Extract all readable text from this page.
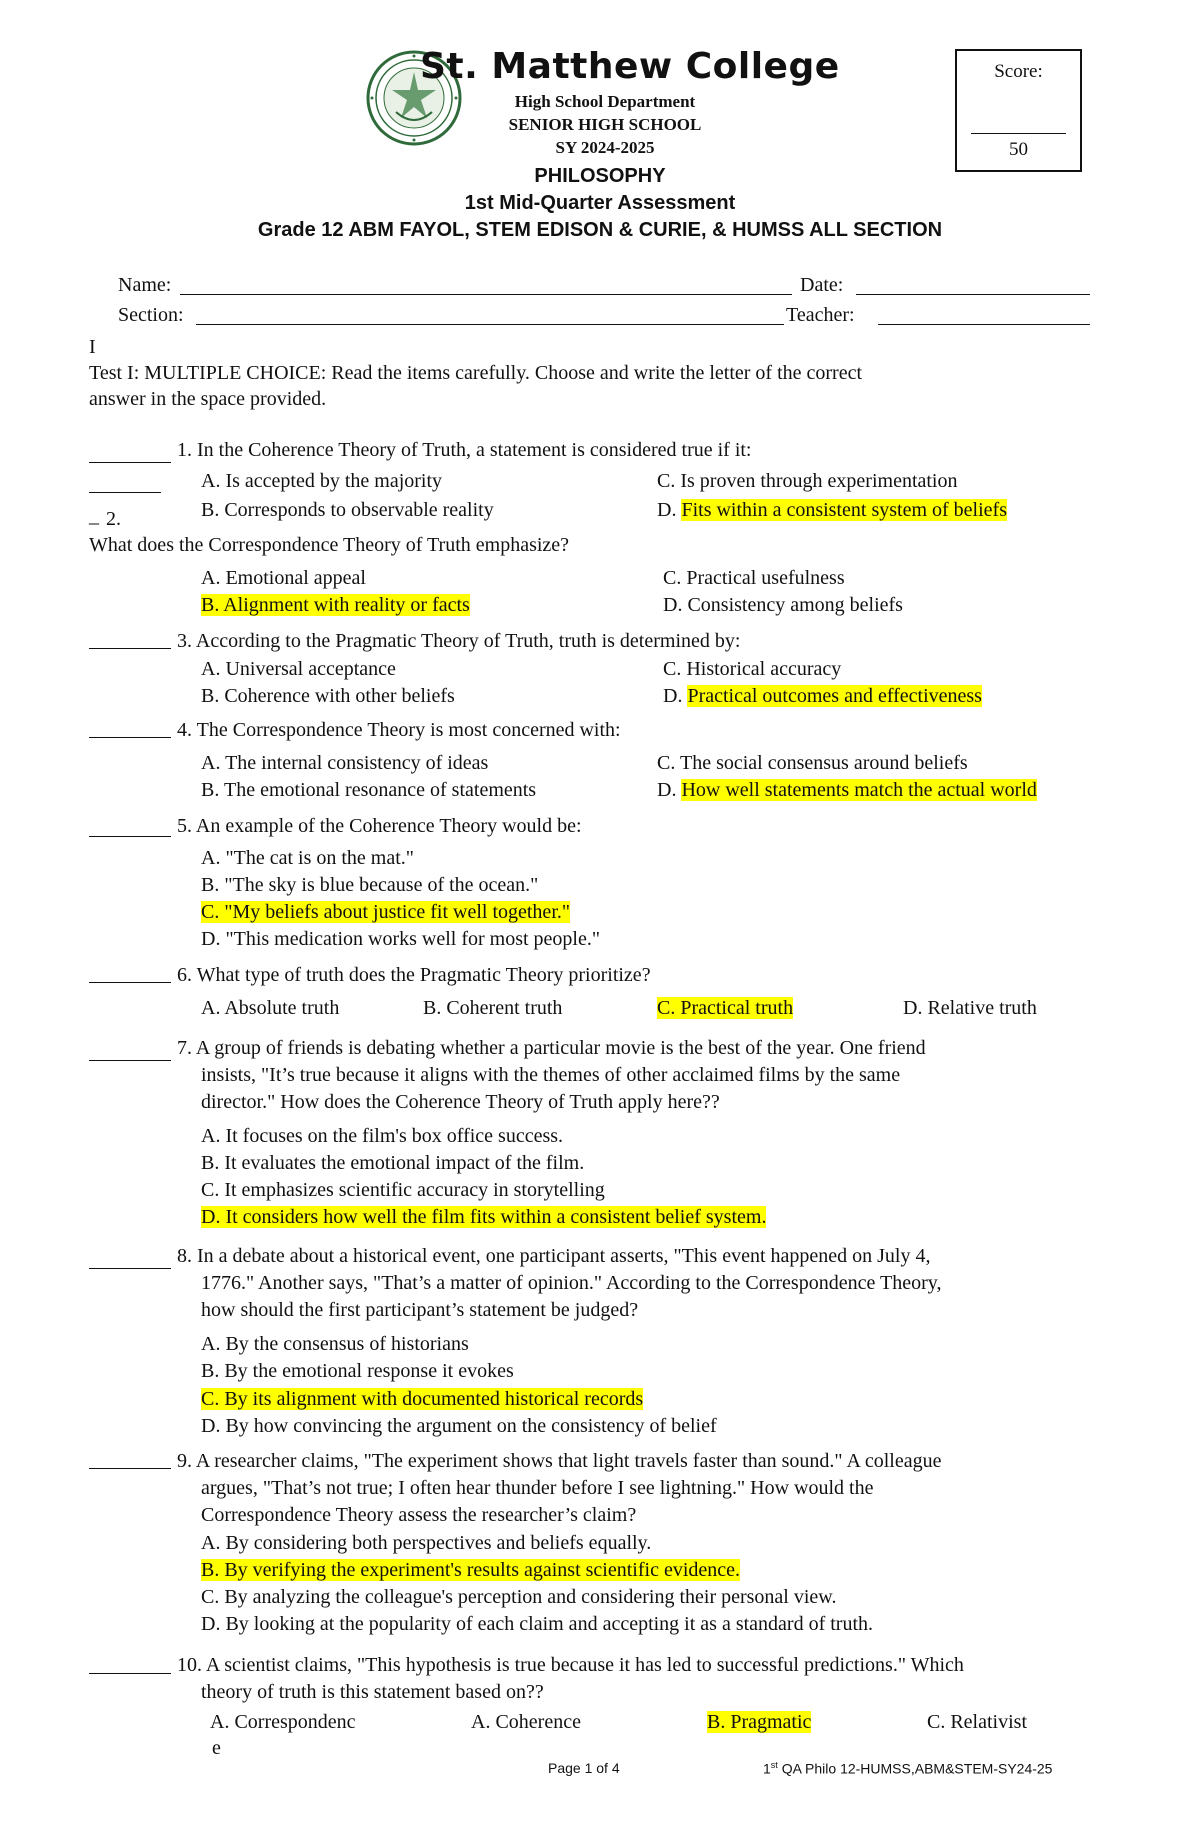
St. Matthew College
High School Department
SENIOR HIGH SCHOOL
SY 2024-2025
Score:
50
PHILOSOPHY
1st Mid-Quarter Assessment
Grade 12 ABM FAYOL, STEM EDISON & CURIE, & HUMSS ALL SECTION
Name:	Date:
Section:	Teacher:
I
Test I: MULTIPLE CHOICE: Read the items carefully. Choose and write the letter of the correct
answer in the space provided.
1. In the Coherence Theory of Truth, a statement is considered true if it:
A. Is accepted by the majority	C. Is proven through experimentation
B. Corresponds to observable reality	D. Fits within a consistent system of beliefs
_ 2.
What does the Correspondence Theory of Truth emphasize?
A. Emotional appeal	C. Practical usefulness
B. Alignment with reality or facts	D. Consistency among beliefs
3. According to the Pragmatic Theory of Truth, truth is determined by:
A. Universal acceptance	C. Historical accuracy
B. Coherence with other beliefs	D. Practical outcomes and effectiveness
4. The Correspondence Theory is most concerned with:
A. The internal consistency of ideas	C. The social consensus around beliefs
B. The emotional resonance of statements	D. How well statements match the actual world
5. An example of the Coherence Theory would be:
A. "The cat is on the mat."
B. "The sky is blue because of the ocean."
C. "My beliefs about justice fit well together."
D. "This medication works well for most people."
6. What type of truth does the Pragmatic Theory prioritize?
A. Absolute truth	B. Coherent truth	C. Practical truth	D. Relative truth
7. A group of friends is debating whether a particular movie is the best of the year. One friend
insists, "It’s true because it aligns with the themes of other acclaimed films by the same
director." How does the Coherence Theory of Truth apply here??
A. It focuses on the film's box office success.
B. It evaluates the emotional impact of the film.
C. It emphasizes scientific accuracy in storytelling
D. It considers how well the film fits within a consistent belief system.
8. In a debate about a historical event, one participant asserts, "This event happened on July 4,
1776." Another says, "That’s a matter of opinion." According to the Correspondence Theory,
how should the first participant’s statement be judged?
A. By the consensus of historians
B. By the emotional response it evokes
C. By its alignment with documented historical records
D. By how convincing the argument on the consistency of belief
9. A researcher claims, "The experiment shows that light travels faster than sound." A colleague
argues, "That’s not true; I often hear thunder before I see lightning." How would the
Correspondence Theory assess the researcher’s claim?
A. By considering both perspectives and beliefs equally.
B. By verifying the experiment's results against scientific evidence.
C. By analyzing the colleague's perception and considering their personal view.
D. By looking at the popularity of each claim and accepting it as a standard of truth.
10. A scientist claims, "This hypothesis is true because it has led to successful predictions." Which
theory of truth is this statement based on??
A. Correspondenc
e
A. Coherence	B. Pragmatic	C. Relativist
Page 1 of 4	1st QA Philo 12-HUMSS,ABM&STEM-SY24-25
